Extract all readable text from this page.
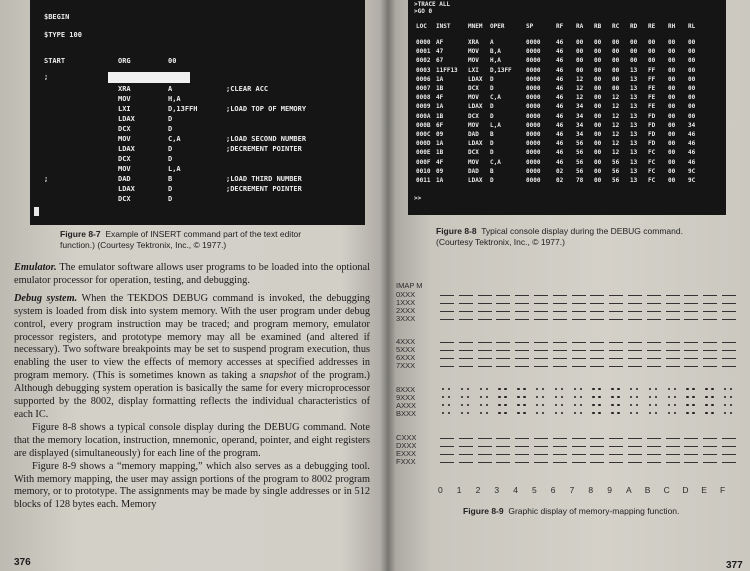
$BEGIN
$TYPE 100
START	ORG	00
;
XRA	A	;CLEAR ACC
MOV	H,A
LXI	D,13FFH	;LOAD TOP OF MEMORY
LDAX	D
DCX	D
MOV	C,A	;LOAD SECOND NUMBER
LDAX	D	;DECREMENT POINTER
DCX	D
MOV	L,A
;	DAD	B	;LOAD THIRD NUMBER
LDAX	D	;DECREMENT POINTER
DCX	D
Figure 8-7 Example of INSERT command part of the text editor
function.) (Courtesy Tektronix, Inc., © 1977.)

Emulator. The emulator software allows user programs to be loaded into the optional emulator processor for operation, testing, and debugging.

Debug system. When the TEKDOS DEBUG command is invoked, the debugging system is loaded from disk into system memory. With the user program under debug control, every program instruction may be traced; and program memory, emulator processor registers, and prototype memory may all be examined (and altered if necessary). Two software breakpoints may be set to suspend program execution, thus enabling the user to view the effects of memory accesses at specified addresses in program memory. (This is sometimes known as taking a snapshot of the program.) Although debugging system operation is basically the same for every microprocessor supported by the 8002, display formatting reflects the individual characteristics of each IC.

Figure 8-8 shows a typical console display during the DEBUG command. Note that the memory location, instruction, mnemonic, operand, pointer, and eight registers are displayed (simultaneously) for each line of the program.

Figure 8-9 shows a “memory mapping,” which also serves as a debugging tool. With memory mapping, the user may assign portions of the program to 8002 program memory, or to prototype. The assignments may be made by single addresses or in 512 blocks of 128 bytes each. Memory

376
>TRACE ALL
>GO 0
LOC INST	MNEM OPER	SP	RF RA RB RC RD RE RH RL
0000 AF	XRA A	0000	46 00 00 00 00 00 00 00
0001 47	MOV B,A	0000	46 00 00 00 00 00 00 00
0002 67	MOV H,A	0000	46 00 00 00 00 00 00 00
0003 11FF13 LXI D,13FF 0000	46 00 00 00 13 FF 00 00
0006 1A	LDAX D	0000	46 12 00 00 13 FF 00 00
0007 1B	DCX D	0000	46 12 00 00 13 FE 00 00
0008 4F	MOV C,A	0000	46 12 00 12 13 FE 00 00
0009 1A	LDAX D	0000	46 34 00 12 13 FE 00 00
000A 1B	DCX D	0000	46 34 00 12 13 FD 00 00
000B 6F	MOV L,A	0000	46 34 00 12 13 FD 00 34
000C 09	DAD B	0000	46 34 00 12 13 FD 00 46
000D 1A	LDAX D	0000	46 56 00 12 13 FD 00 46
000E 1B	DCX D	0000	46 56 00 12 13 FC 00 46
000F 4F	MOV C,A	0000	46 56 00 56 13 FC 00 46
0010 09	DAD B	0000	02 56 00 56 13 FC 00 9C
0011 1A	LDAX D	0000	02 78 00 56 13 FC 00 9C
>>
Figure 8-8 Typical console display during the DEBUG command.
(Courtesy Tektronix, Inc., © 1977.)
IMAP M
0XXX
1XXX
2XXX
3XXX
4XXX
5XXX
6XXX
7XXX
8XXX
9XXX
AXXX
BXXX
CXXX
DXXX
EXXX
FXXX
0 1 2 3 4 5 6 7 8 9 A B C D E F
Figure 8-9 Graphic display of memory-mapping function.
377
